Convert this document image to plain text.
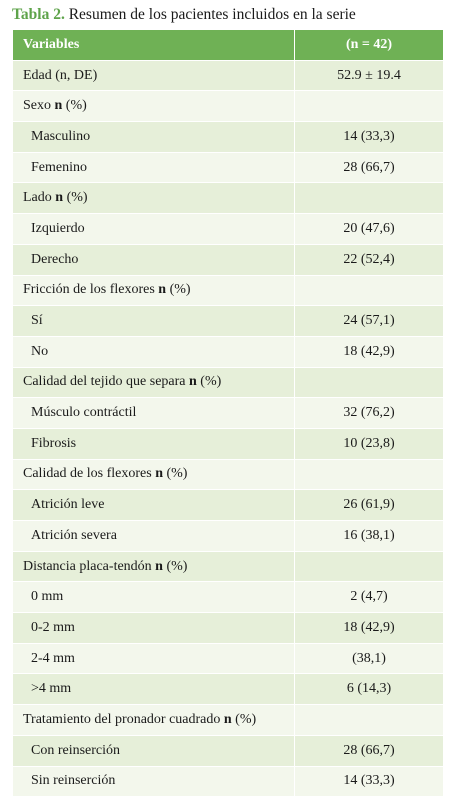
Tabla 2. Resumen de los pacientes incluidos en la serie
Variables	(n = 42)
Edad (n, DE)	52.9 ± 19.4
Sexo n (%)	
Masculino	14 (33,3)
Femenino	28 (66,7)
Lado n (%)	
Izquierdo	20 (47,6)
Derecho	22 (52,4)
Fricción de los flexores n (%)	
Sí	24 (57,1)
No	18 (42,9)
Calidad del tejido que separa n (%)	
Músculo contráctil	32 (76,2)
Fibrosis	10 (23,8)
Calidad de los flexores n (%)	
Atrición leve	26 (61,9)
Atrición severa	16 (38,1)
Distancia placa-tendón n (%)	
0 mm	2 (4,7)
0-2 mm	18 (42,9)
2-4 mm	(38,1)
>4 mm	6 (14,3)
Tratamiento del pronador cuadrado n (%)	
Con reinserción	28 (66,7)
Sin reinserción	14 (33,3)
